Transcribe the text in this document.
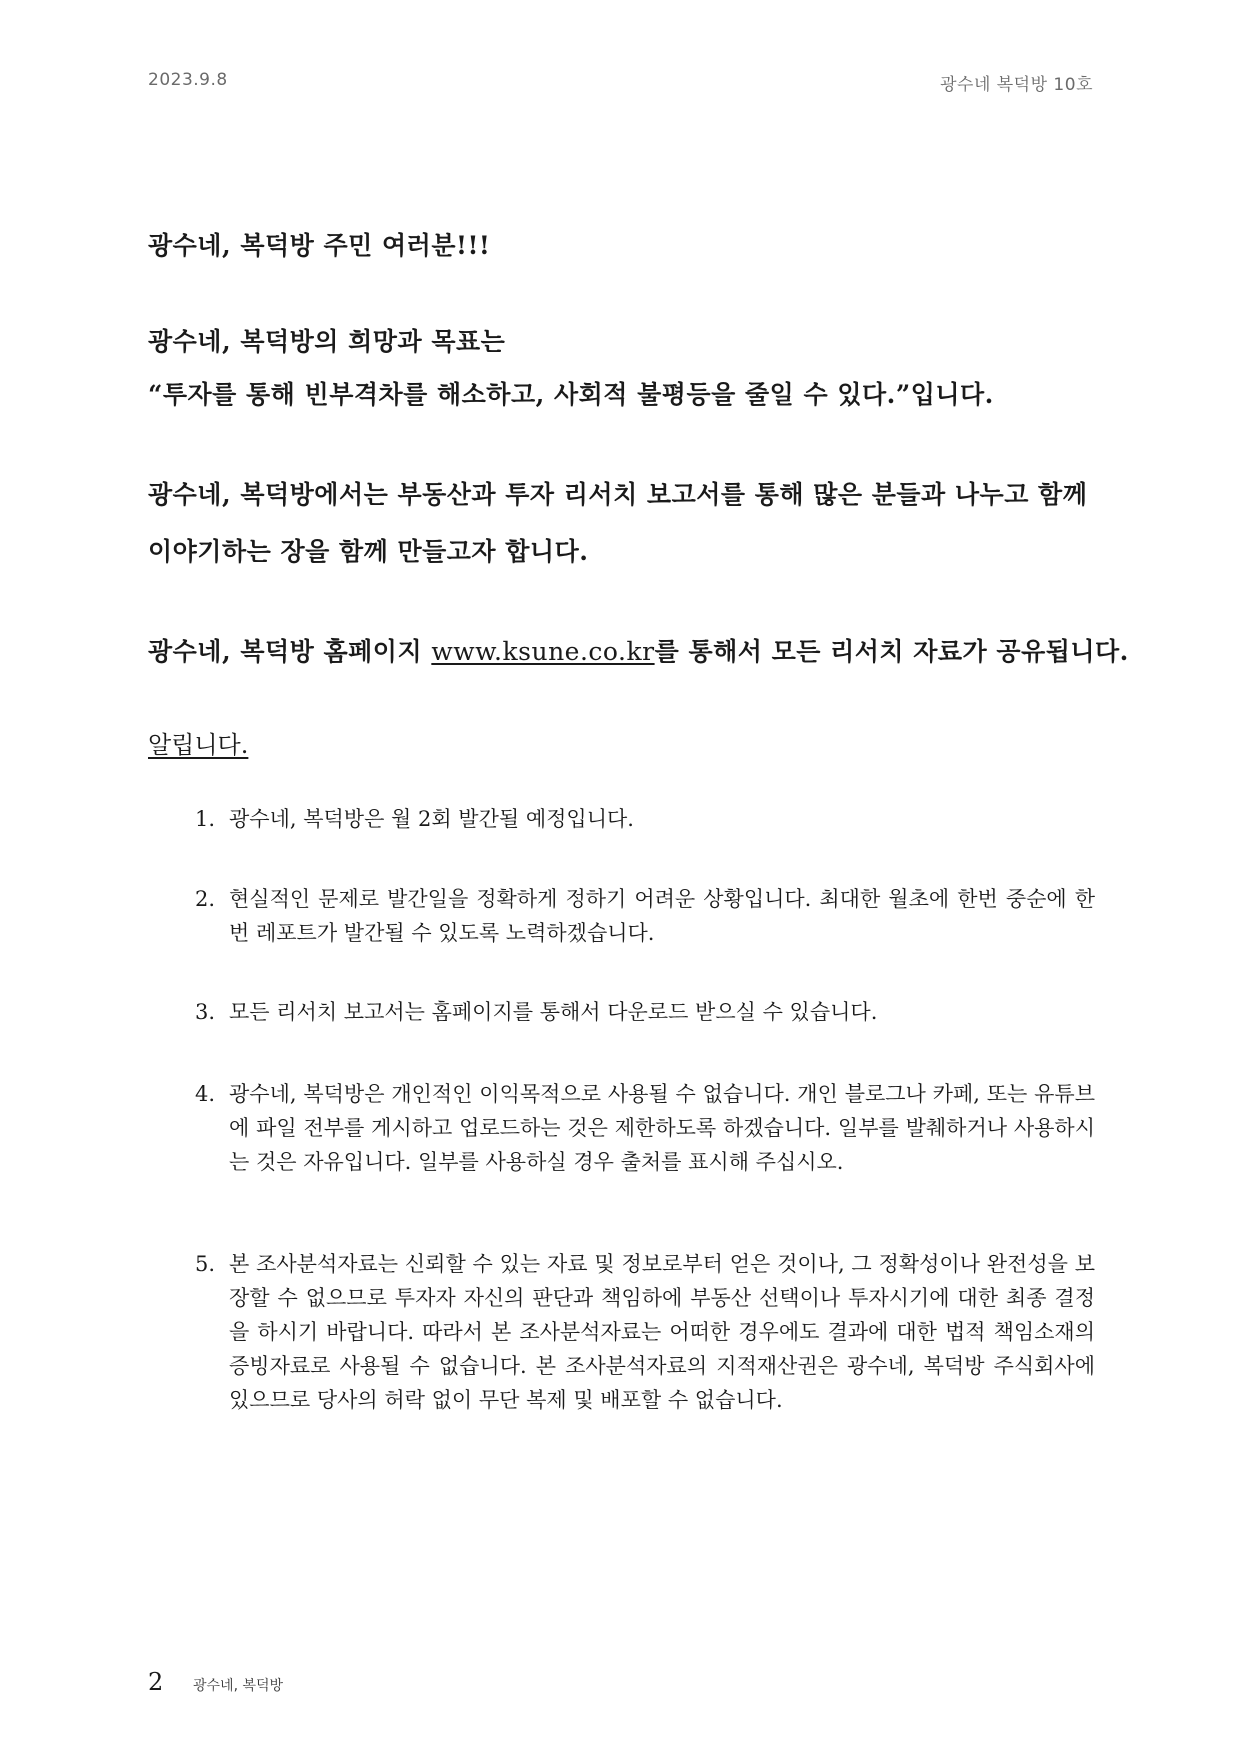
2023.9.8	광수네 복덕방 10호
광수네, 복덕방 주민 여러분!!!
광수네, 복덕방의 희망과 목표는
“투자를 통해 빈부격차를 해소하고, 사회적 불평등을 줄일 수 있다.”입니다.
광수네, 복덕방에서는 부동산과 투자 리서치 보고서를 통해 많은 분들과 나누고 함께
이야기하는 장을 함께 만들고자 합니다.
광수네, 복덕방 홈페이지 www.ksune.co.kr를 통해서 모든 리서치 자료가 공유됩니다.
알립니다.
1. 광수네, 복덕방은 월 2회 발간될 예정입니다.
2. 현실적인 문제로 발간일을 정확하게 정하기 어려운 상황입니다. 최대한 월초에 한번 중순에 한번 레포트가 발간될 수 있도록 노력하겠습니다.
3. 모든 리서치 보고서는 홈페이지를 통해서 다운로드 받으실 수 있습니다.
4. 광수네, 복덕방은 개인적인 이익목적으로 사용될 수 없습니다. 개인 블로그나 카페, 또는 유튜브에 파일 전부를 게시하고 업로드하는 것은 제한하도록 하겠습니다. 일부를 발췌하거나 사용하시는 것은 자유입니다. 일부를 사용하실 경우 출처를 표시해 주십시오.
5. 본 조사분석자료는 신뢰할 수 있는 자료 및 정보로부터 얻은 것이나, 그 정확성이나 완전성을 보장할 수 없으므로 투자자 자신의 판단과 책임하에 부동산 선택이나 투자시기에 대한 최종 결정을 하시기 바랍니다. 따라서 본 조사분석자료는 어떠한 경우에도 결과에 대한 법적 책임소재의 증빙자료로 사용될 수 없습니다. 본 조사분석자료의 지적재산권은 광수네, 복덕방 주식회사에 있으므로 당사의 허락 없이 무단 복제 및 배포할 수 없습니다.
2 광수네, 복덕방
